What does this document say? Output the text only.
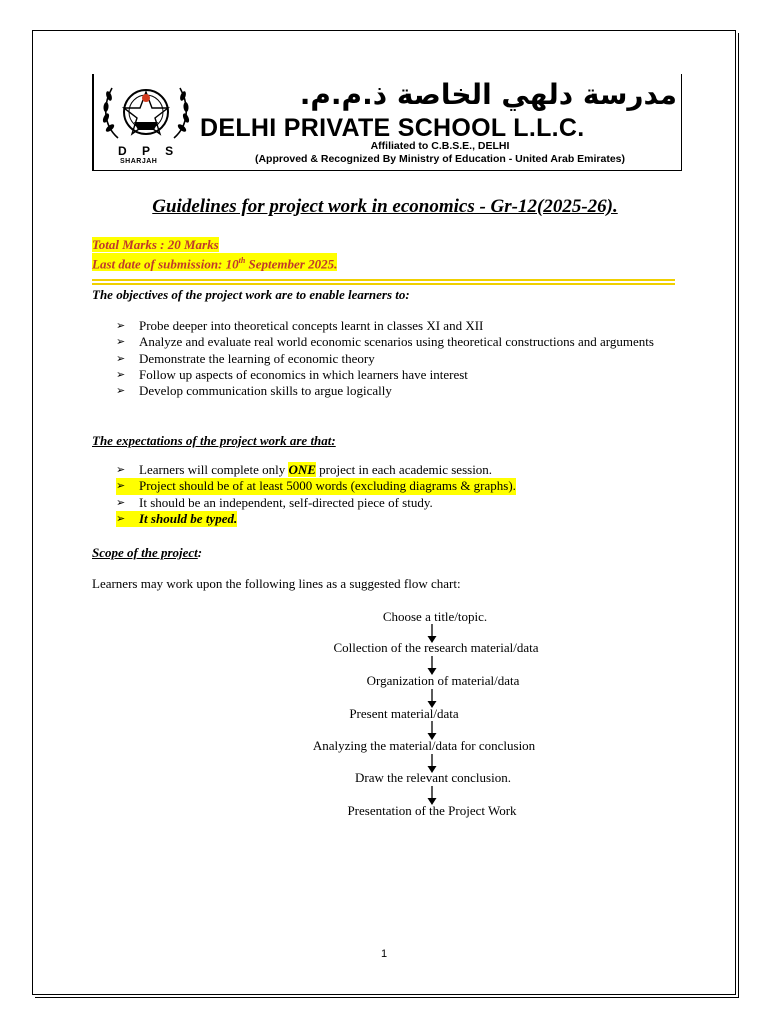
D P S
SHARJAH
مدرسة دلهي الخاصة ذ.م.م.
DELHI PRIVATE SCHOOL L.L.C.
Affiliated to C.B.S.E., DELHI
(Approved & Recognized By Ministry of Education - United Arab Emirates)
Guidelines for project work in economics - Gr-12(2025-26).
Total Marks : 20 Marks
Last date of submission: 10th September 2025.
The objectives of the project work are to enable learners to:
➢ Probe deeper into theoretical concepts learnt in classes XI and XII
➢ Analyze and evaluate real world economic scenarios using theoretical constructions and arguments
➢ Demonstrate the learning of economic theory
➢ Follow up aspects of economics in which learners have interest
➢ Develop communication skills to argue logically
The expectations of the project work are that:
➢ Learners will complete only ONE project in each academic session.
➢ Project should be of at least 5000 words (excluding diagrams & graphs).
➢ It should be an independent, self-directed piece of study.
➢ It should be typed.
Scope of the project:
Learners may work upon the following lines as a suggested flow chart:
Choose a title/topic.
Collection of the research material/data
Organization of material/data
Present material/data
Analyzing the material/data for conclusion
Draw the relevant conclusion.
Presentation of the Project Work
1
